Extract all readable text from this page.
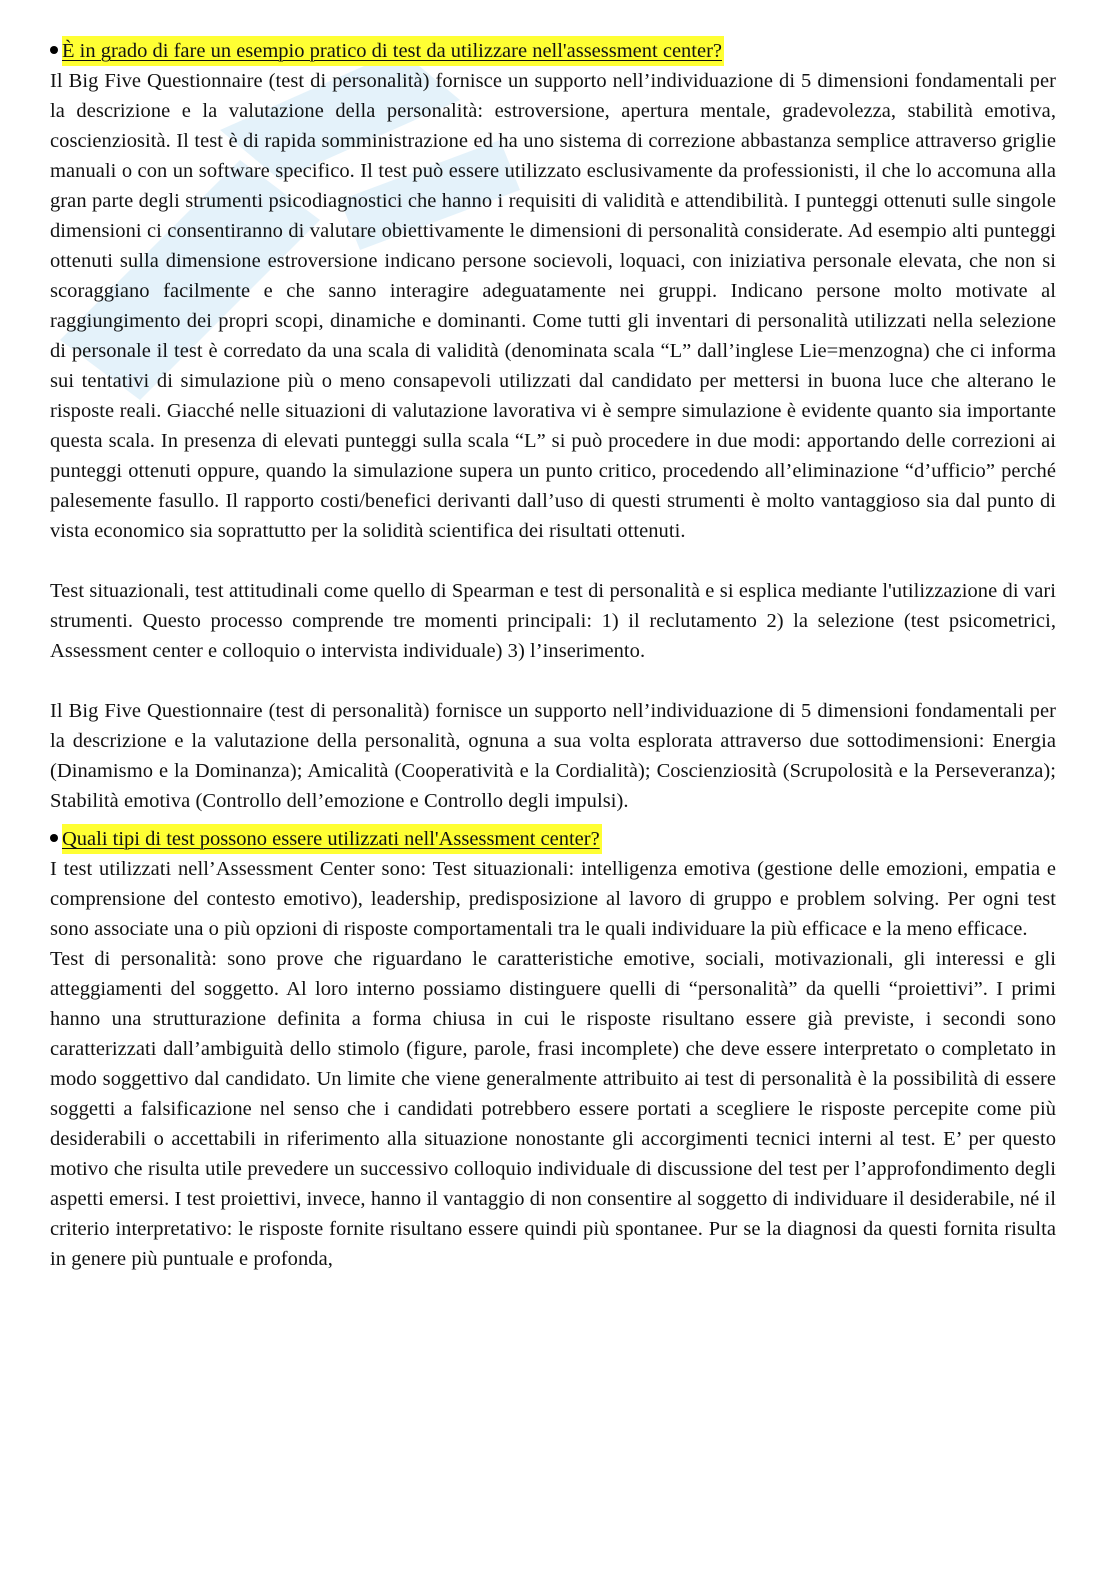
È in grado di fare un esempio pratico di test da utilizzare nell'assessment center?

Il Big Five Questionnaire (test di personalità) fornisce un supporto nell’individuazione di 5 dimensioni fondamentali per la descrizione e la valutazione della personalità: estroversione, apertura mentale, gradevolezza, stabilità emotiva, coscienziosità. Il test è di rapida somministrazione ed ha uno sistema di correzione abbastanza semplice attraverso griglie manuali o con un software specifico. Il test può essere utilizzato esclusivamente da professionisti, il che lo accomuna alla gran parte degli strumenti psicodiagnostici che hanno i requisiti di validità e attendibilità. I punteggi ottenuti sulle singole dimensioni ci consentiranno di valutare obiettivamente le dimensioni di personalità considerate. Ad esempio alti punteggi ottenuti sulla dimensione estroversione indicano persone socievoli, loquaci, con iniziativa personale elevata, che non si scoraggiano facilmente e che sanno interagire adeguatamente nei gruppi. Indicano persone molto motivate al raggiungimento dei propri scopi, dinamiche e dominanti. Come tutti gli inventari di personalità utilizzati nella selezione di personale il test è corredato da una scala di validità (denominata scala “L” dall’inglese Lie=menzogna) che ci informa sui tentativi di simulazione più o meno consapevoli utilizzati dal candidato per mettersi in buona luce che alterano le risposte reali. Giacché nelle situazioni di valutazione lavorativa vi è sempre simulazione è evidente quanto sia importante questa scala. In presenza di elevati punteggi sulla scala “L” si può procedere in due modi: apportando delle correzioni ai punteggi ottenuti oppure, quando la simulazione supera un punto critico, procedendo all’eliminazione “d’ufficio” perché palesemente fasullo. Il rapporto costi/benefici derivanti dall’uso di questi strumenti è molto vantaggioso sia dal punto di vista economico sia soprattutto per la solidità scientifica dei risultati ottenuti.

Test situazionali, test attitudinali come quello di Spearman e test di personalità e si esplica mediante l'utilizzazione di vari strumenti. Questo processo comprende tre momenti principali: 1) il reclutamento 2) la selezione (test psicometrici, Assessment center e colloquio o intervista individuale) 3) l’inserimento.

Il Big Five Questionnaire (test di personalità) fornisce un supporto nell’individuazione di 5 dimensioni fondamentali per la descrizione e la valutazione della personalità, ognuna a sua volta esplorata attraverso due sottodimensioni: Energia (Dinamismo e la Dominanza); Amicalità (Cooperatività e la Cordialità); Coscienziosità (Scrupolosità e la Perseveranza); Stabilità emotiva (Controllo dell’emozione e Controllo degli impulsi).

Quali tipi di test possono essere utilizzati nell'Assessment center?

I test utilizzati nell’Assessment Center sono: Test situazionali: intelligenza emotiva (gestione delle emozioni, empatia e comprensione del contesto emotivo), leadership, predisposizione al lavoro di gruppo e problem solving. Per ogni test sono associate una o più opzioni di risposte comportamentali tra le quali individuare la più efficace e la meno efficace.

Test di personalità: sono prove che riguardano le caratteristiche emotive, sociali, motivazionali, gli interessi e gli atteggiamenti del soggetto. Al loro interno possiamo distinguere quelli di “personalità” da quelli “proiettivi”. I primi hanno una strutturazione definita a forma chiusa in cui le risposte risultano essere già previste, i secondi sono caratterizzati dall’ambiguità dello stimolo (figure, parole, frasi incomplete) che deve essere interpretato o completato in modo soggettivo dal candidato. Un limite che viene generalmente attribuito ai test di personalità è la possibilità di essere soggetti a falsificazione nel senso che i candidati potrebbero essere portati a scegliere le risposte percepite come più desiderabili o accettabili in riferimento alla situazione nonostante gli accorgimenti tecnici interni al test. E’ per questo motivo che risulta utile prevedere un successivo colloquio individuale di discussione del test per l’approfondimento degli aspetti emersi. I test proiettivi, invece, hanno il vantaggio di non consentire al soggetto di individuare il desiderabile, né il criterio interpretativo: le risposte fornite risultano essere quindi più spontanee. Pur se la diagnosi da questi fornita risulta in genere più puntuale e profonda,
